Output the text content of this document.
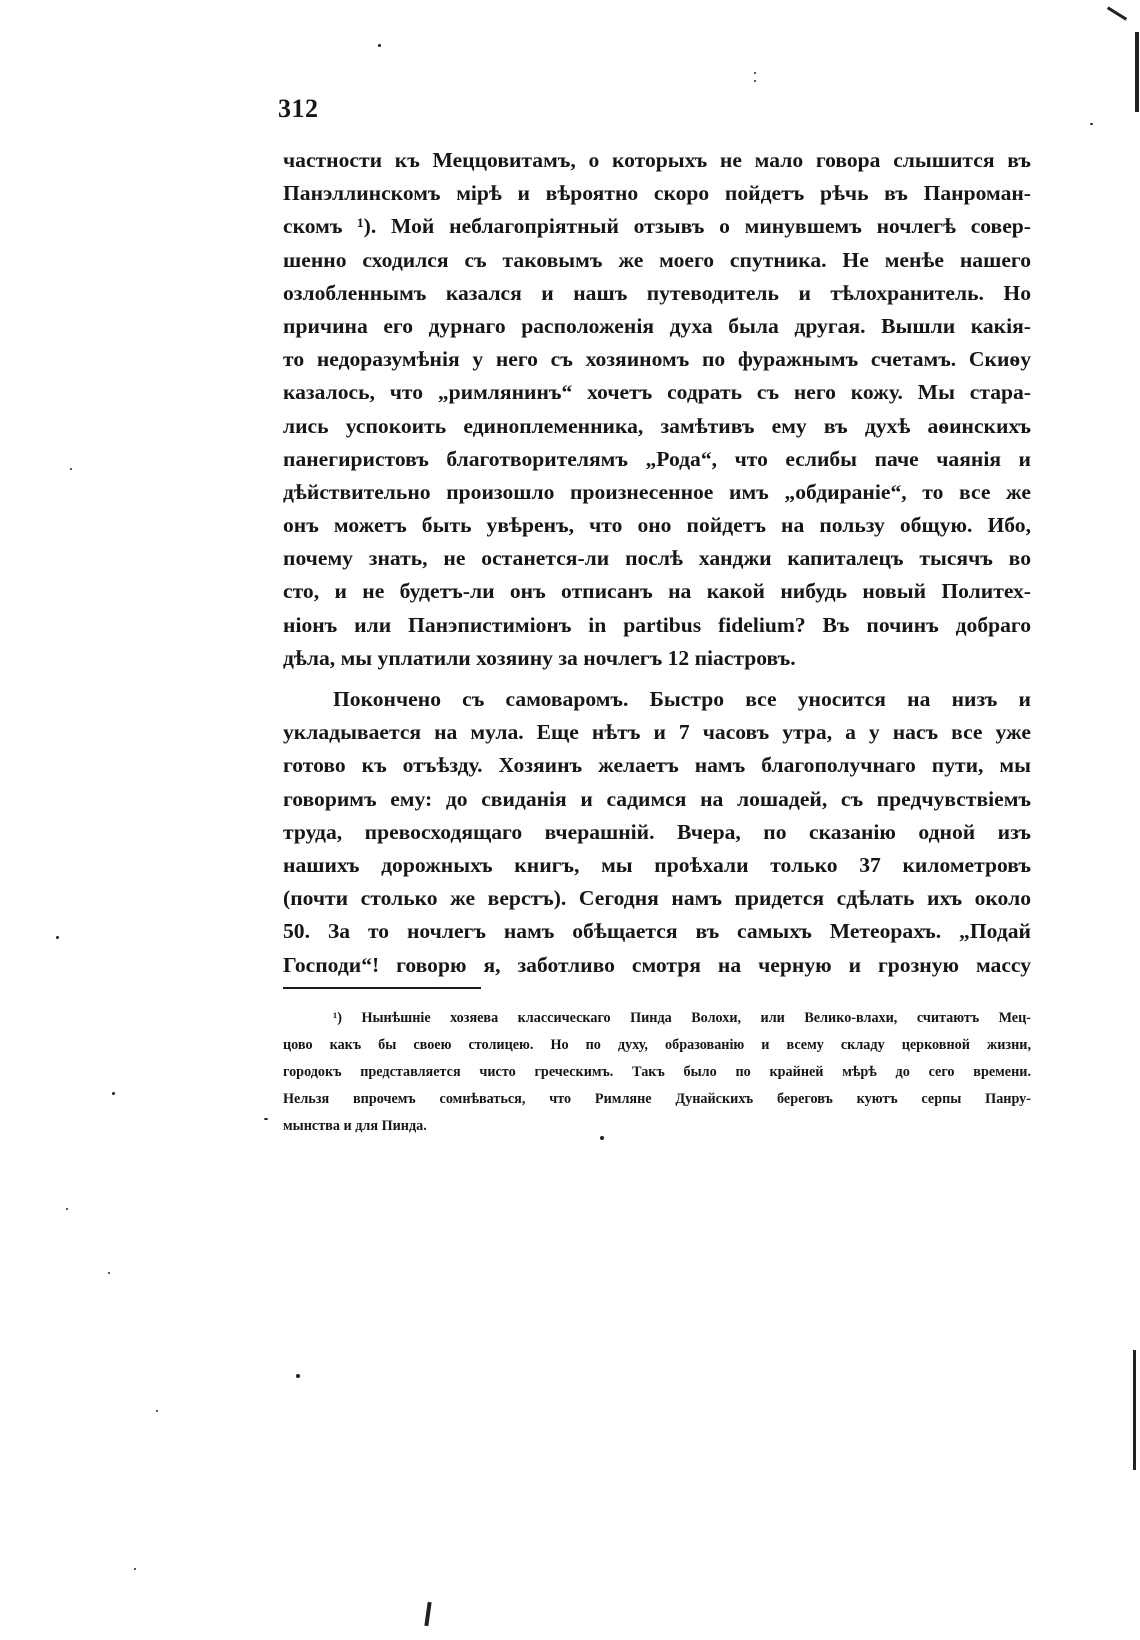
312
частности къ Меццовитамъ, о которыхъ не мало говора слышится въ
Панэллинскомъ мірѣ и вѣроятно скоро пойдетъ рѣчь въ Панроман-
скомъ ¹). Мой неблагопріятный отзывъ о минувшемъ ночлегѣ совер-
шенно сходился съ таковымъ же моего спутника. Не менѣе нашего
озлобленнымъ казался и нашъ путеводитель и тѣлохранитель. Но
причина его дурнаго расположенія духа была другая. Вышли какія-
то недоразумѣнія у него съ хозяиномъ по фуражнымъ счетамъ. Скиѳу
казалось, что „римлянинъ“ хочетъ содрать съ него кожу. Мы стара-
лись успокоить единоплеменника, замѣтивъ ему въ духѣ аѳинскихъ
панегиристовъ благотворителямъ „Рода“, что еслибы паче чаянія и
дѣйствительно произошло произнесенное имъ „обдираніе“, то все же
онъ можетъ быть увѣренъ, что оно пойдетъ на пользу общую. Ибо,
почему знать, не останется-ли послѣ ханджи капиталецъ тысячъ во
сто, и не будетъ-ли онъ отписанъ на какой нибудь новый Политех-
ніонъ или Панэпистиміонъ in partibus fidelium? Въ починъ добраго
дѣла, мы уплатили хозяину за ночлегъ 12 піастровъ.
Покончено съ самоваромъ. Быстро все уносится на низъ и
укладывается на мула. Еще нѣтъ и 7 часовъ утра, а у насъ все уже
готово къ отъѣзду. Хозяинъ желаетъ намъ благополучнаго пути, мы
говоримъ ему: до свиданія и садимся на лошадей, съ предчувствіемъ
труда, превосходящаго вчерашній. Вчера, по сказанію одной изъ
нашихъ дорожныхъ книгъ, мы проѣхали только 37 километровъ
(почти столько же верстъ). Сегодня намъ придется сдѣлать ихъ около
50. За то ночлегъ намъ обѣщается въ самыхъ Метеорахъ. „Подай
Господи“! говорю я, заботливо смотря на черную и грозную массу
¹) Нынѣшніе хозяева классическаго Пинда Волохи, или Велико-влахи, считаютъ Мец-
цово какъ бы своею столицею. Но по духу, образованію и всему складу церковной жизни,
городокъ представляется чисто греческимъ. Такъ было по крайней мѣрѣ до сего времени.
Нельзя впрочемъ сомнѣваться, что Римляне Дунайскихъ береговъ куютъ серпы Панру-
мынства и для Пинда.
